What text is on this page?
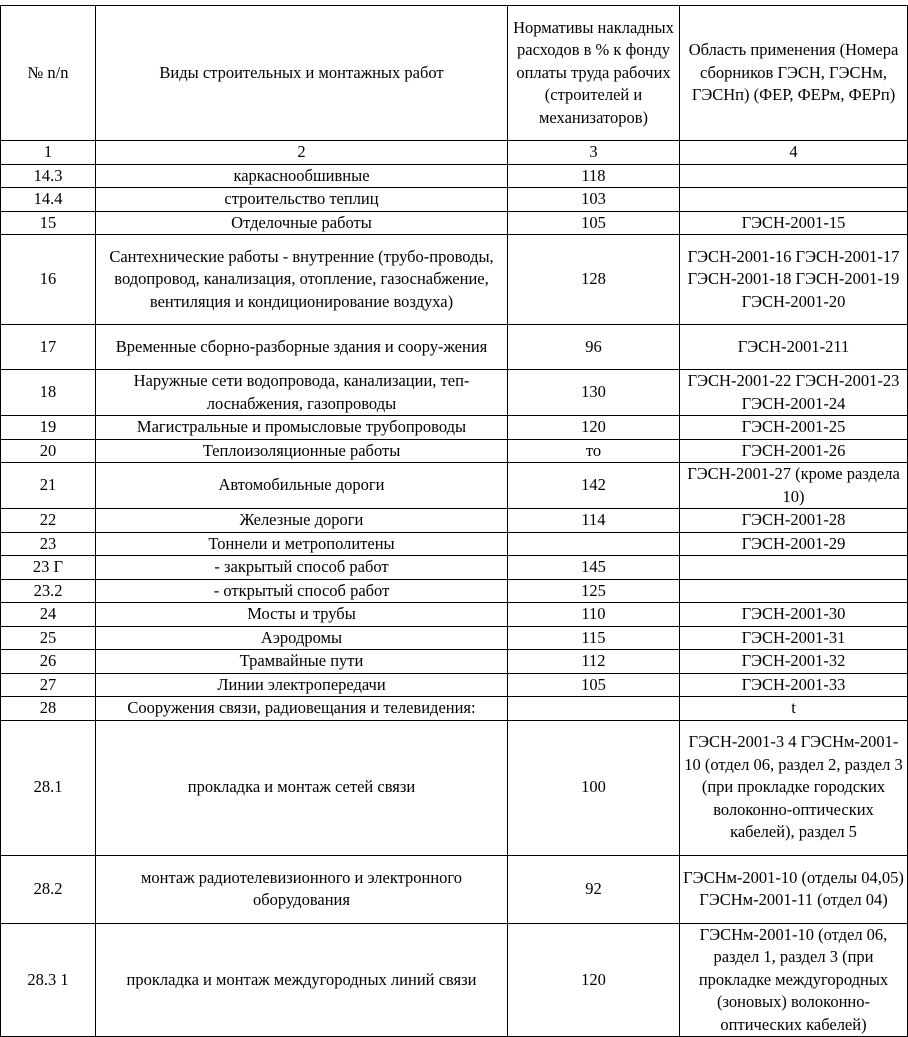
№ n/n	Виды строительных и монтажных работ	Нормативы накладных расходов в % к фонду оплаты труда рабочих (строителей и механизаторов)	Область применения (Номера сборников ГЭСН, ГЭСНм, ГЭСНп) (ФЕР, ФЕРм, ФЕРп)
1	2	3	4
14.3	каркаснообшивные	118	
14.4	строительство теплиц	103	
15	Отделочные работы	105	ГЭСН-2001-15
16	Сантехнические работы - внутренние (трубо-проводы, водопровод, канализация, отопление, газоснабжение, вентиляция и кондиционирование воздуха)	128	ГЭСН-2001-16 ГЭСН-2001-17 ГЭСН-2001-18 ГЭСН-2001-19 ГЭСН-2001-20
17	Временные сборно-разборные здания и соору-жения	96	ГЭСН-2001-211
18	Наружные сети водопровода, канализации, теп-лоснабжения, газопроводы	130	ГЭСН-2001-22 ГЭСН-2001-23 ГЭСН-2001-24
19	Магистральные и промысловые трубопроводы	120	ГЭСН-2001-25
20	Теплоизоляционные работы	то	ГЭСН-2001-26
21	Автомобильные дороги	142	ГЭСН-2001-27 (кроме раздела 10)
22	Железные дороги	114	ГЭСН-2001-28
23	Тоннели и метрополитены		ГЭСН-2001-29
23 Г	- закрытый способ работ	145	
23.2	- открытый способ работ	125	
24	Мосты и трубы	110	ГЭСН-2001-30
25	Аэродромы	115	ГЭСН-2001-31
26	Трамвайные пути	112	ГЭСН-2001-32
27	Линии электропередачи	105	ГЭСН-2001-33
28	Сооружения связи, радиовещания и телевидения:		t
28.1	прокладка и монтаж сетей связи	100	ГЭСН-2001-3 4 ГЭСНм-2001-10 (отдел 06, раздел 2, раздел 3 (при прокладке городских волоконно-оптических кабелей), раздел 5
28.2	монтаж радиотелевизионного и электронного оборудования	92	ГЭСНм-2001-10 (отделы 04,05) ГЭСНм-2001-11 (отдел 04)
28.3 1	прокладка и монтаж междугородных линий связи	120	ГЭСНм-2001-10 (отдел 06, раздел 1, раздел 3 (при прокладке междугородных (зоновых) волоконно-оптических кабелей)
